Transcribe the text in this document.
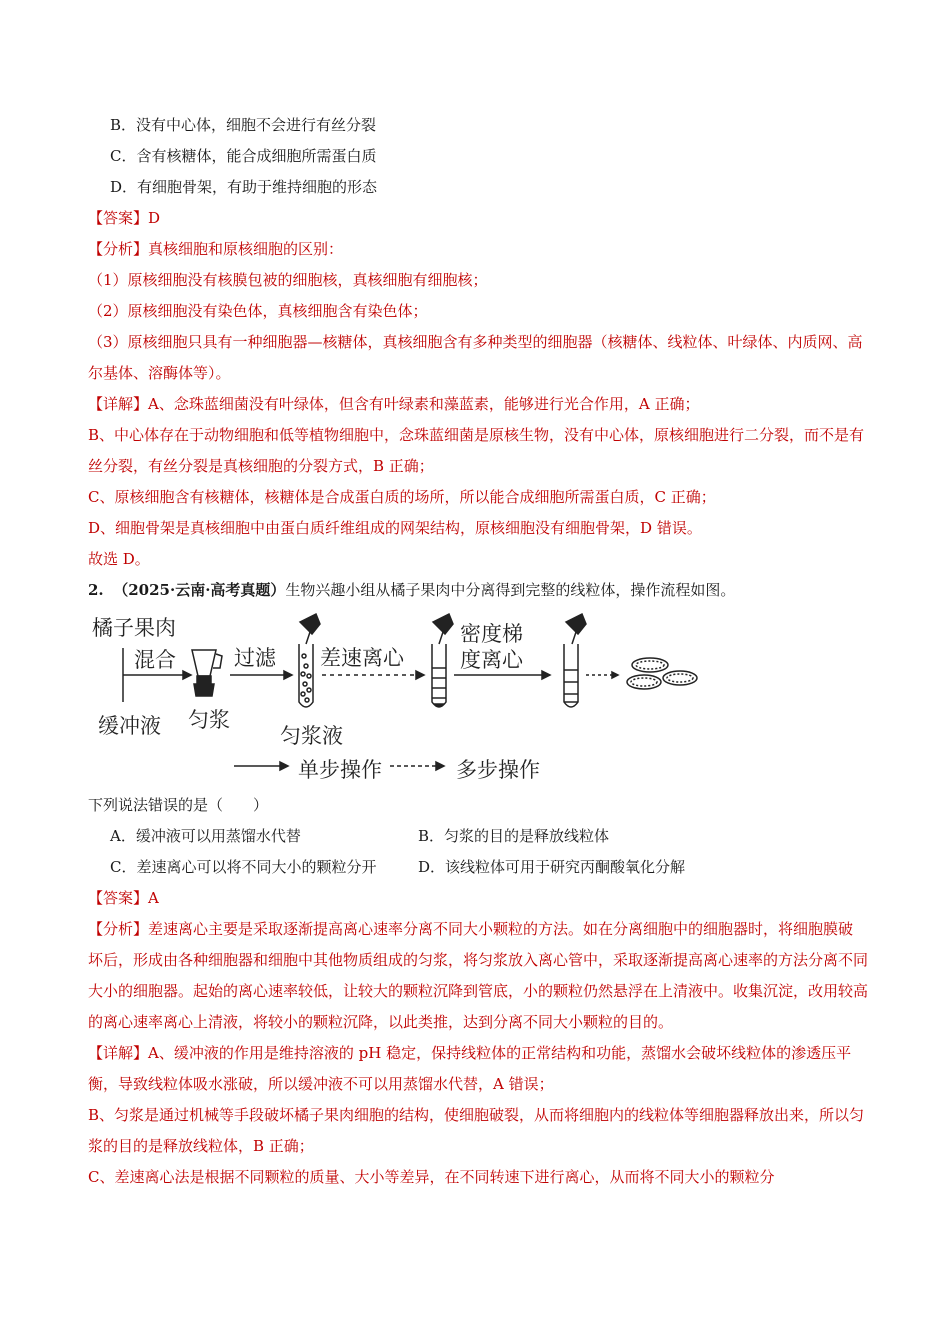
B．没有中心体，细胞不会进行有丝分裂
C．含有核糖体，能合成细胞所需蛋白质
D．有细胞骨架，有助于维持细胞的形态
【答案】D
【分析】真核细胞和原核细胞的区别：
（1）原核细胞没有核膜包被的细胞核，真核细胞有细胞核；
（2）原核细胞没有染色体，真核细胞含有染色体；
（3）原核细胞只具有一种细胞器—核糖体，真核细胞含有多种类型的细胞器（核糖体、线粒体、叶绿体、内质网、高尔基体、溶酶体等）。
【详解】A、念珠蓝细菌没有叶绿体，但含有叶绿素和藻蓝素，能够进行光合作用，A 正确；
B、中心体存在于动物细胞和低等植物细胞中，念珠蓝细菌是原核生物，没有中心体，原核细胞进行二分裂，而不是有丝分裂，有丝分裂是真核细胞的分裂方式，B 正确；
C、原核细胞含有核糖体，核糖体是合成蛋白质的场所，所以能合成细胞所需蛋白质，C 正确；
D、细胞骨架是真核细胞中由蛋白质纤维组成的网架结构，原核细胞没有细胞骨架，D 错误。
故选 D。
2. （2025·云南·高考真题）生物兴趣小组从橘子果肉中分离得到完整的线粒体，操作流程如图。
橘子果肉
混合
缓冲液 匀浆
过滤
匀浆液
差速离心
密度梯
度离心
单步操作	多步操作
下列说法错误的是（　　）
A．缓冲液可以用蒸馏水代替	B．匀浆的目的是释放线粒体
C．差速离心可以将不同大小的颗粒分开	D．该线粒体可用于研究丙酮酸氧化分解
【答案】A
【分析】差速离心主要是采取逐渐提高离心速率分离不同大小颗粒的方法。如在分离细胞中的细胞器时，将细胞膜破坏后，形成由各种细胞器和细胞中其他物质组成的匀浆，将匀浆放入离心管中，采取逐渐提高离心速率的方法分离不同大小的细胞器。起始的离心速率较低，让较大的颗粒沉降到管底，小的颗粒仍然悬浮在上清液中。收集沉淀，改用较高的离心速率离心上清液，将较小的颗粒沉降，以此类推，达到分离不同大小颗粒的目的。
【详解】A、缓冲液的作用是维持溶液的 pH 稳定，保持线粒体的正常结构和功能，蒸馏水会破坏线粒体的渗透压平衡，导致线粒体吸水涨破，所以缓冲液不可以用蒸馏水代替，A 错误；
B、匀浆是通过机械等手段破坏橘子果肉细胞的结构，使细胞破裂，从而将细胞内的线粒体等细胞器释放出来，所以匀浆的目的是释放线粒体，B 正确；
C、差速离心法是根据不同颗粒的质量、大小等差异，在不同转速下进行离心，从而将不同大小的颗粒分
